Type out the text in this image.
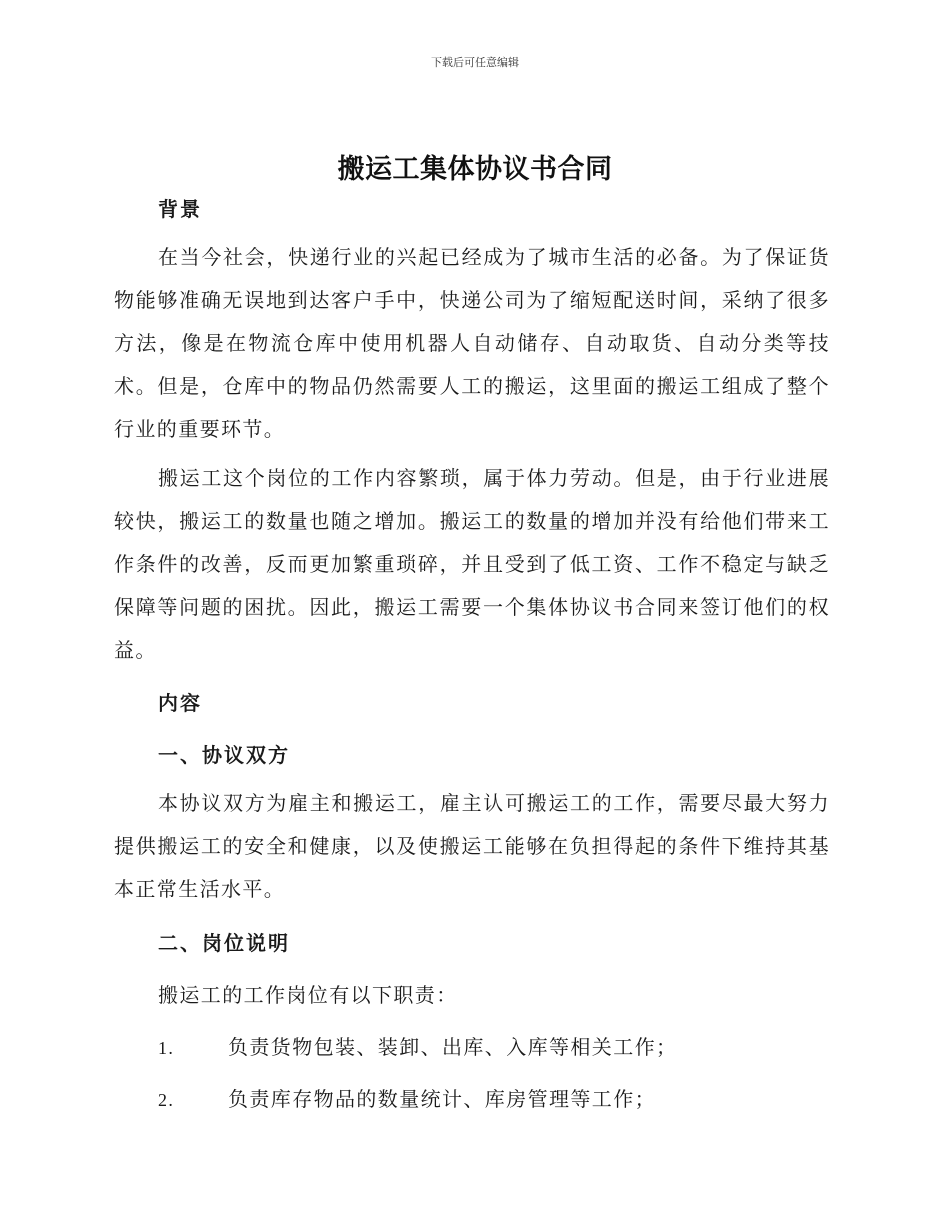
下载后可任意编辑
搬运工集体协议书合同
背景

在当今社会，快递行业的兴起已经成为了城市生活的必备。为了保证货物能够准确无误地到达客户手中，快递公司为了缩短配送时间，采纳了很多方法，像是在物流仓库中使用机器人自动储存、自动取货、自动分类等技术。但是，仓库中的物品仍然需要人工的搬运，这里面的搬运工组成了整个行业的重要环节。

搬运工这个岗位的工作内容繁琐，属于体力劳动。但是，由于行业进展较快，搬运工的数量也随之增加。搬运工的数量的增加并没有给他们带来工作条件的改善，反而更加繁重琐碎，并且受到了低工资、工作不稳定与缺乏保障等问题的困扰。因此，搬运工需要一个集体协议书合同来签订他们的权益。

内容
一、协议双方

本协议双方为雇主和搬运工，雇主认可搬运工的工作，需要尽最大努力提供搬运工的安全和健康，以及使搬运工能够在负担得起的条件下维持其基本正常生活水平。

二、岗位说明
搬运工的工作岗位有以下职责：
1.	负责货物包装、装卸、出库、入库等相关工作；
2.	负责库存物品的数量统计、库房管理等工作；
